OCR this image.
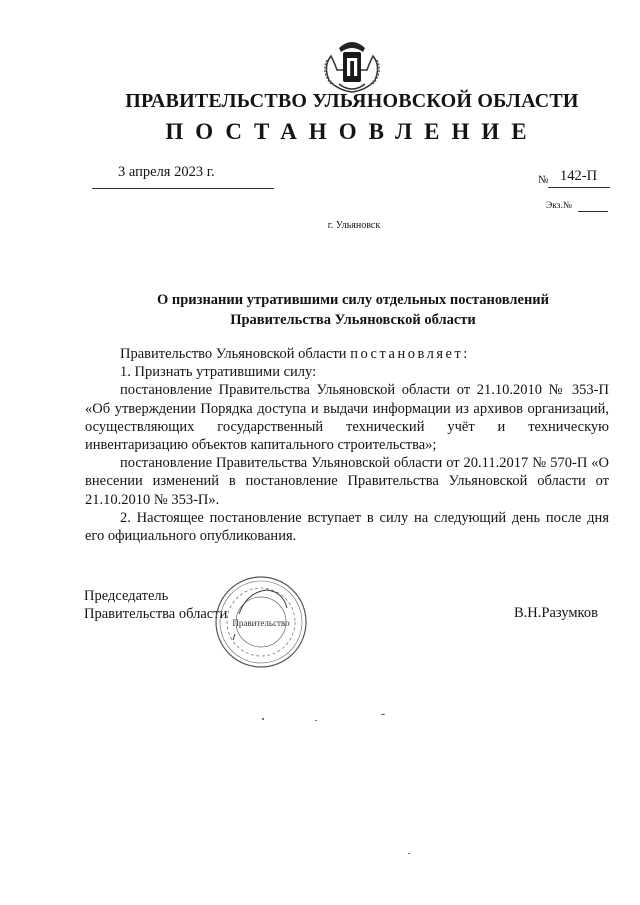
ПРАВИТЕЛЬСТВО УЛЬЯНОВСКОЙ ОБЛАСТИ
ПОСТАНОВЛЕНИЕ
3 апреля 2023 г.	№ 142-П
Экз.№
г. Ульяновск
О признании утратившими силу отдельных постановлений
Правительства Ульяновской области

Правительство Ульяновской области постановляет:

1. Признать утратившими силу:

постановление Правительства Ульяновской области от 21.10.2010 № 353-П «Об утверждении Порядка доступа и выдачи информации из архивов организаций, осуществляющих государственный технический учёт и техническую инвентаризацию объектов капитального строительства»;

постановление Правительства Ульяновской области от 20.11.2017 № 570-П «О внесении изменений в постановление Правительства Ульяновской области от 21.10.2010 № 353-П».

2. Настоящее постановление вступает в силу на следующий день после дня его официального опубликования.

Председатель
Правительства области
Правительство
В.Н.Разумков
